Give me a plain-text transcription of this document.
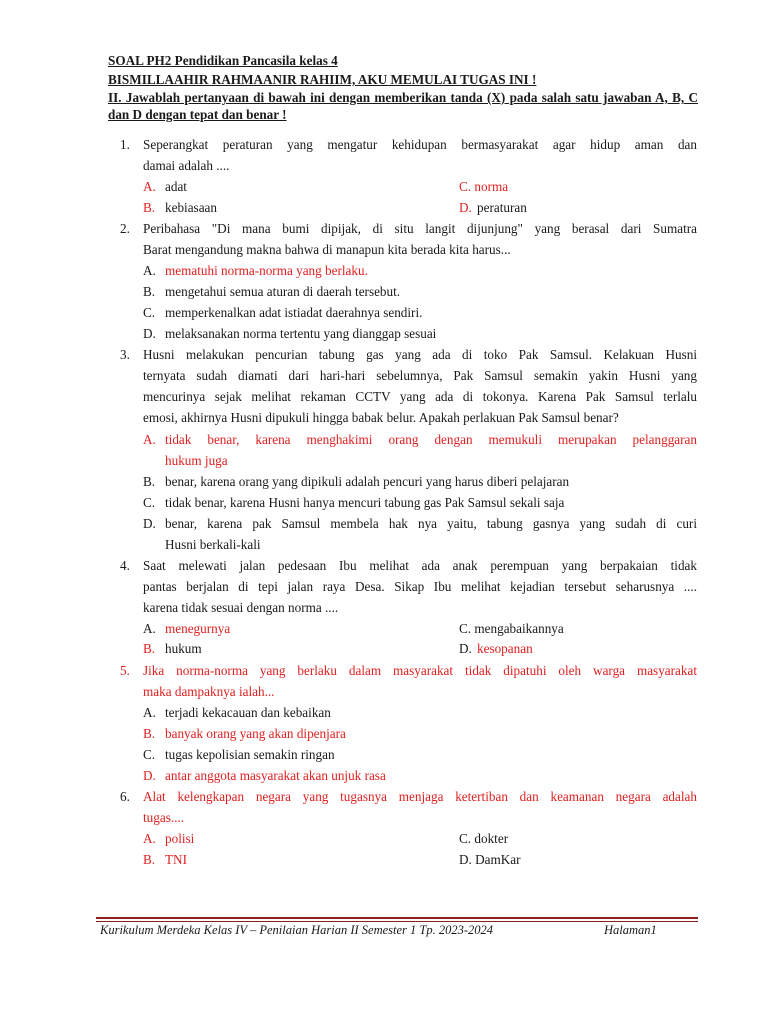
SOAL PH2 Pendidikan Pancasila kelas 4
BISMILLAAHIR RAHMAANIR RAHIIM, AKU MEMULAI TUGAS INI !
II. Jawablah pertanyaan di bawah ini dengan memberikan tanda (X) pada salah satu jawaban A, B, C dan D dengan tepat dan benar !
1. Seperangkat peraturan yang mengatur kehidupan bermasyarakat agar hidup aman dan
damai adalah ....
A. adat	C. norma
B. kebiasaan	D. peraturan
2. Peribahasa "Di mana bumi dipijak, di situ langit dijunjung" yang berasal dari Sumatra
Barat mengandung makna bahwa di manapun kita berada kita harus...
A. mematuhi norma-norma yang berlaku.
B. mengetahui semua aturan di daerah tersebut.
C. memperkenalkan adat istiadat daerahnya sendiri.
D. melaksanakan norma tertentu yang dianggap sesuai
3. Husni melakukan pencurian tabung gas yang ada di toko Pak Samsul. Kelakuan Husni
ternyata sudah diamati dari hari-hari sebelumnya, Pak Samsul semakin yakin Husni yang
mencurinya sejak melihat rekaman CCTV yang ada di tokonya. Karena Pak Samsul terlalu
emosi, akhirnya Husni dipukuli hingga babak belur. Apakah perlakuan Pak Samsul benar?
A. tidak benar, karena menghakimi orang dengan memukuli merupakan pelanggaran
hukum juga
B. benar, karena orang yang dipikuli adalah pencuri yang harus diberi pelajaran
C. tidak benar, karena Husni hanya mencuri tabung gas Pak Samsul sekali saja
D. benar, karena pak Samsul membela hak nya yaitu, tabung gasnya yang sudah di curi
Husni berkali-kali
4. Saat melewati jalan pedesaan Ibu melihat ada anak perempuan yang berpakaian tidak
pantas berjalan di tepi jalan raya Desa. Sikap Ibu melihat kejadian tersebut seharusnya ....
karena tidak sesuai dengan norma ....
A. menegurnya	C. mengabaikannya
B. hukum	D. kesopanan
5. Jika norma-norma yang berlaku dalam masyarakat tidak dipatuhi oleh warga masyarakat
maka dampaknya ialah...
A. terjadi kekacauan dan kebaikan
B. banyak orang yang akan dipenjara
C. tugas kepolisian semakin ringan
D. antar anggota masyarakat akan unjuk rasa
6. Alat kelengkapan negara yang tugasnya menjaga ketertiban dan keamanan negara adalah
tugas....
A. polisi	C. dokter
B. TNI	D. DamKar
Kurikulum Merdeka Kelas IV – Penilaian Harian II Semester 1 Tp. 2023-2024	Halaman1
